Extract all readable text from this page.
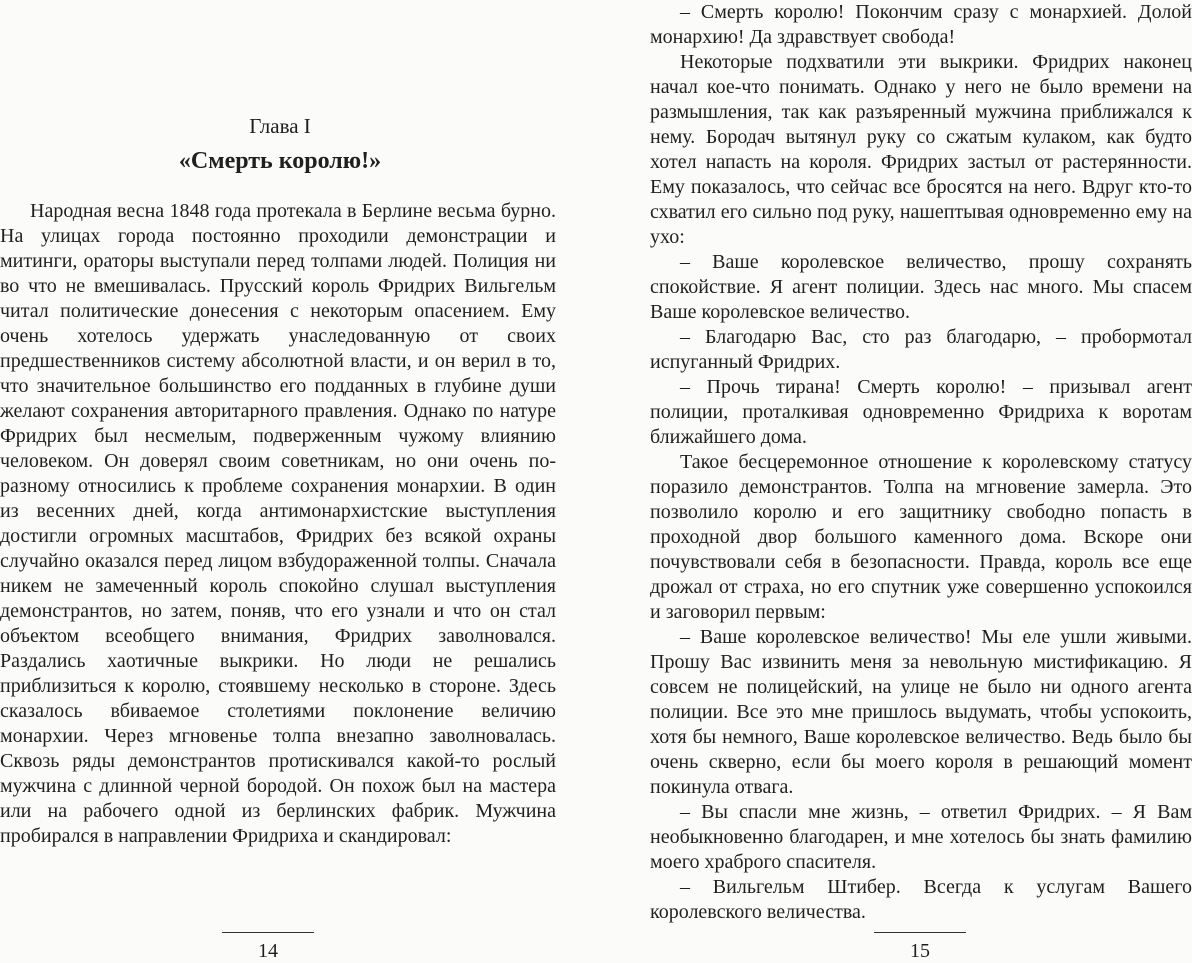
Глава I
«Смерть королю!»

Народная весна 1848 года протекала в Берлине весьма бурно. На улицах города постоянно проходили демонстрации и митинги, ораторы выступали перед толпами людей. Полиция ни во что не вмешивалась. Прусский король Фридрих Вильгельм читал политические донесения с некоторым опасением. Ему очень хотелось удержать унаследованную от своих предшественников систему абсолютной власти, и он верил в то, что значительное большинство его подданных в глубине души желают сохранения авторитарного правления. Однако по натуре Фридрих был несмелым, подверженным чужому влиянию человеком. Он доверял своим советникам, но они очень по-разному относились к проблеме сохранения монархии. В один из весенних дней, когда антимонархистские выступления достигли огромных масштабов, Фридрих без всякой охраны случайно оказался перед лицом взбудораженной толпы. Сначала никем не замеченный король спокойно слушал выступления демонстрантов, но затем, поняв, что его узнали и что он стал объектом всеобщего внимания, Фридрих заволновался. Раздались хаотичные выкрики. Но люди не решались приблизиться к королю, стоявшему несколько в стороне. Здесь сказалось вбиваемое столетиями поклонение величию монархии. Через мгновенье толпа внезапно заволновалась. Сквозь ряды демонстрантов протискивался какой-то рослый мужчина с длинной черной бородой. Он похож был на мастера или на рабочего одной из берлинских фабрик. Мужчина пробирался в направлении Фридриха и скандировал:

14

– Смерть королю! Покончим сразу с монархией. Долой монархию! Да здравствует свобода!

Некоторые подхватили эти выкрики. Фридрих наконец начал кое-что понимать. Однако у него не было времени на размышления, так как разъяренный мужчина приближался к нему. Бородач вытянул руку со сжатым кулаком, как будто хотел напасть на короля. Фридрих застыл от растерянности. Ему показалось, что сейчас все бросятся на него. Вдруг кто-то схватил его сильно под руку, нашептывая одновременно ему на ухо:

– Ваше королевское величество, прошу сохранять спокойствие. Я агент полиции. Здесь нас много. Мы спасем Ваше королевское величество.

– Благодарю Вас, сто раз благодарю, – пробормотал испуганный Фридрих.

– Прочь тирана! Смерть королю! – призывал агент полиции, проталкивая одновременно Фридриха к воротам ближайшего дома.

Такое бесцеремонное отношение к королевскому статусу поразило демонстрантов. Толпа на мгновение замерла. Это позволило королю и его защитнику свободно попасть в проходной двор большого каменного дома. Вскоре они почувствовали себя в безопасности. Правда, король все еще дрожал от страха, но его спутник уже совершенно успокоился и заговорил первым:

– Ваше королевское величество! Мы еле ушли живыми. Прошу Вас извинить меня за невольную мистификацию. Я совсем не полицейский, на улице не было ни одного агента полиции. Все это мне пришлось выдумать, чтобы успокоить, хотя бы немного, Ваше королевское величество. Ведь было бы очень скверно, если бы моего короля в решающий момент покинула отвага.

– Вы спасли мне жизнь, – ответил Фридрих. – Я Вам необыкновенно благодарен, и мне хотелось бы знать фамилию моего храброго спасителя.

– Вильгельм Штибер. Всегда к услугам Вашего королевского величества.

15
